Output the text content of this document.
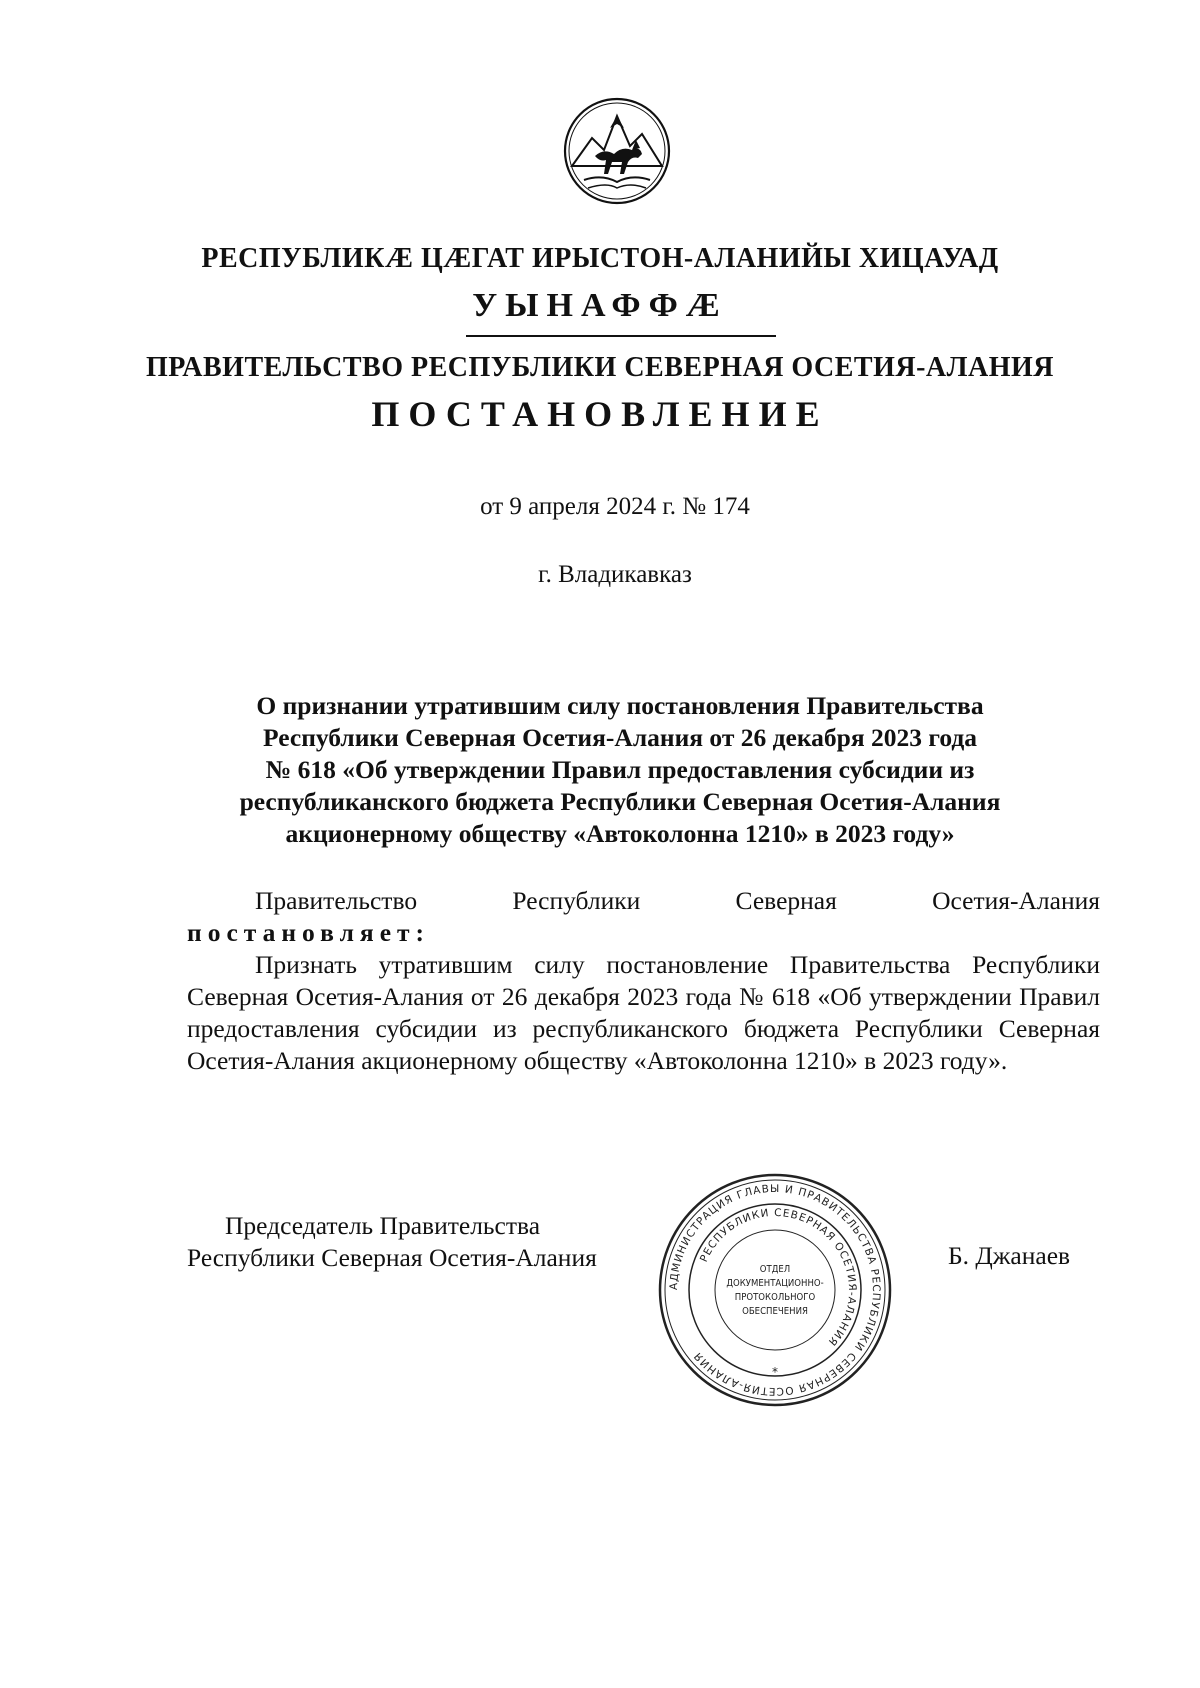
РЕСПУБЛИКӔ ЦӔГАТ ИРЫСТОН-АЛАНИЙЫ ХИЦАУАД
УЫНАФФӔ
ПРАВИТЕЛЬСТВО РЕСПУБЛИКИ СЕВЕРНАЯ ОСЕТИЯ-АЛАНИЯ
ПОСТАНОВЛЕНИЕ
от 9 апреля 2024 г. № 174
г. Владикавказ
О признании утратившим силу постановления Правительства
Республики Северная Осетия-Алания от 26 декабря 2023 года
№ 618 «Об утверждении Правил предоставления субсидии из
республиканского бюджета Республики Северная Осетия-Алания
акционерному обществу «Автоколонна 1210» в 2023 году»
Правительство	Республики	Северная	Осетия-Алания
постановляет:

Признать утратившим силу постановление Правительства Республики Северная Осетия-Алания от 26 декабря 2023 года № 618 «Об утверждении Правил предоставления субсидии из республиканского бюджета Республики Северная Осетия-Алания акционерному обществу «Автоколонна 1210» в 2023 году».

Председатель Правительства
Республики Северная Осетия-Алания	Б. Джанаев
АДМИНИСТРАЦИЯ ГЛАВЫ И ПРАВИТЕЛЬСТВА РЕСПУБЛИКИ СЕВЕРНАЯ ОСЕТИЯ-АЛАНИЯ
РЕСПУБЛИКИ СЕВЕРНАЯ ОСЕТИЯ-АЛАНИЯ
ОТДЕЛ
ДОКУМЕНТАЦИОННО-
ПРОТОКОЛЬНОГО
ОБЕСПЕЧЕНИЯ
*
